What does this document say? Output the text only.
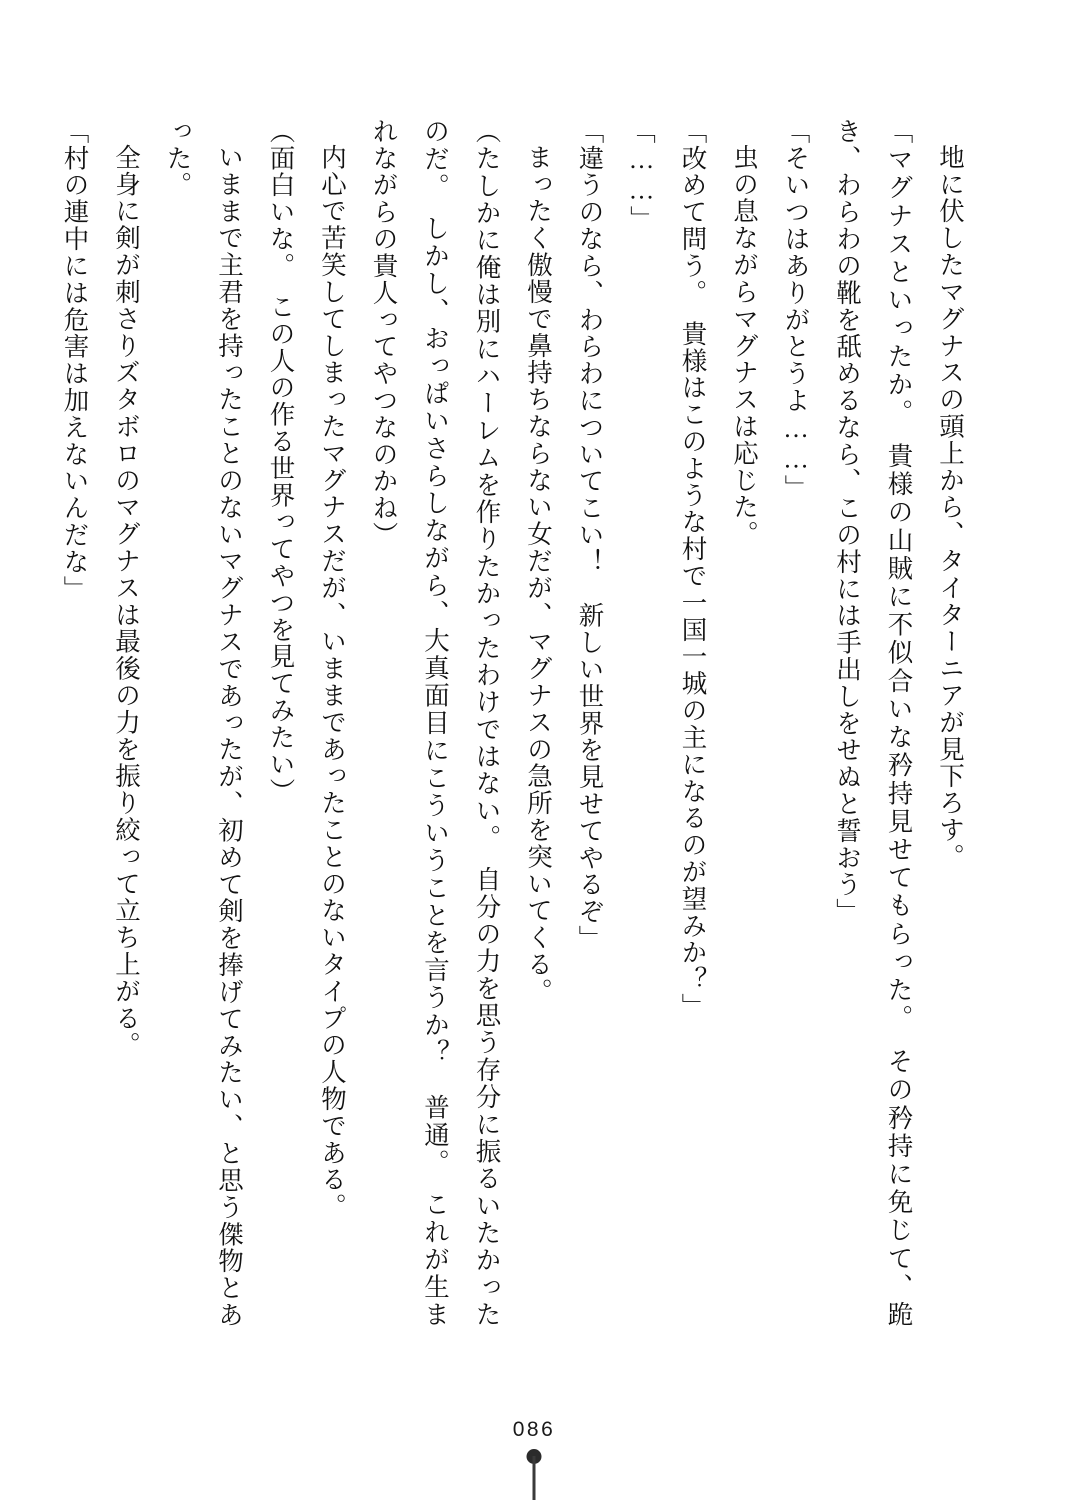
地に伏したマグナスの頭上から、タイターニアが見下ろす。

「マグナスといったか。　貴様の山賊に不似合いな矜持見せてもらった。　その矜持に免じて、跪き、わらわの靴を舐めるなら、この村には手出しをせぬと誓おう」

「そいつはありがとうよ……」

虫の息ながらマグナスは応じた。

「改めて問う。　貴様はこのような村で一国一城の主になるのが望みか？」

「……」

「違うのなら、わらわについてこい！　新しい世界を見せてやるぞ」

まったく傲慢で鼻持ちならない女だが、マグナスの急所を突いてくる。

（たしかに俺は別にハーレムを作りたかったわけではない。　自分の力を思う存分に振るいたかったのだ。　しかし、おっぱいさらしながら、大真面目にこういうことを言うか？　普通。　これが生まれながらの貴人ってやつなのかね）

内心で苦笑してしまったマグナスだが、いままであったことのないタイプの人物である。

（面白いな。　この人の作る世界ってやつを見てみたい）

いままで主君を持ったことのないマグナスであったが、初めて剣を捧げてみたい、と思う傑物とあった。

全身に剣が刺さりズタボロのマグナスは最後の力を振り絞って立ち上がる。

「村の連中には危害は加えないんだな」

086
